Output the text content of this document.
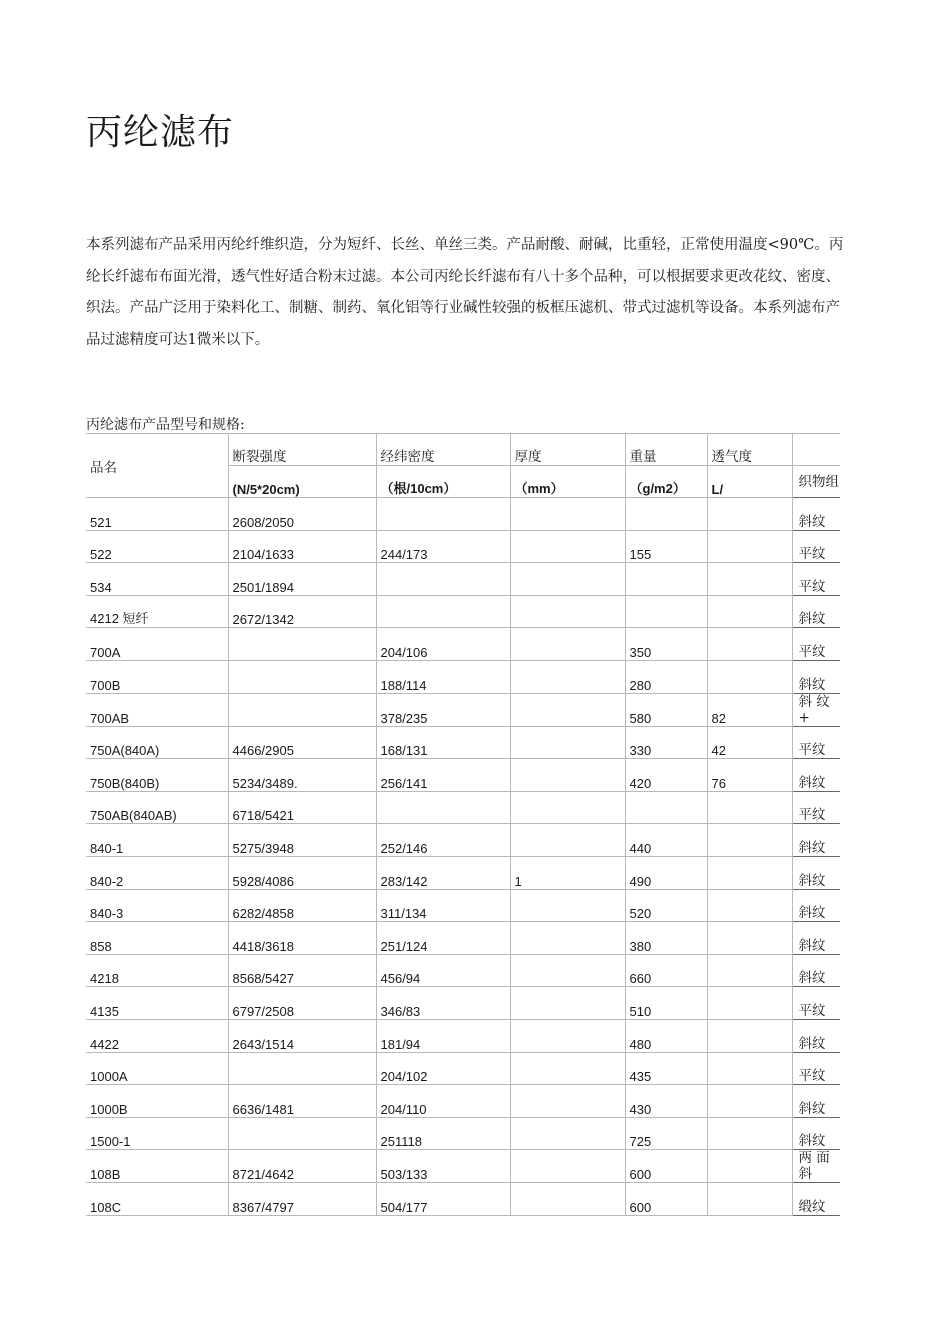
丙纶滤布

本系列滤布产品采用丙纶纤维织造，分为短纤、长丝、单丝三类。产品耐酸、耐碱，比重轻，正常使用温度<90℃。丙纶长纤滤布布面光滑，透气性好适合粉末过滤。本公司丙纶长纤滤布有八十多个品种，可以根据要求更改花纹、密度、织法。产品广泛用于染料化工、制糖、制药、氧化铝等行业碱性较强的板框压滤机、带式过滤机等设备。本系列滤布产品过滤精度可达1微米以下。

丙纶滤布产品型号和规格:
品名	断裂强度	经纬密度	厚度	重量	透气度	
	(N/5*20cm)	（根/10cm）	（mm）	（g/m2）	L/	织物组
521	2608/2050					斜纹
522	2104/1633	244/173		155		平纹
534	2501/1894					平纹
4212 短纤	2672/1342					斜纹
700A		204/106		350		平纹
700B		188/114		280		斜纹
700AB		378/235		580	82	斜 纹 +
750A(840A)	4466/2905	168/131		330	42	平纹
750B(840B)	5234/3489.	256/141		420	76	斜纹
750AB(840AB)	6718/5421					平纹
840-1	5275/3948	252/146		440		斜纹
840-2	5928/4086	283/142	1	490		斜纹
840-3	6282/4858	311/134		520		斜纹
858	4418/3618	251/124		380		斜纹
4218	8568/5427	456/94		660		斜纹
4135	6797/2508	346/83		510		平纹
4422	2643/1514	181/94		480		斜纹
1000A		204/102		435		平纹
1000B	6636/1481	204/110		430		斜纹
1500-1		251118		725		斜纹
108B	8721/4642	503/133		600		两 面 斜
108C	8367/4797	504/177		600		缎纹
